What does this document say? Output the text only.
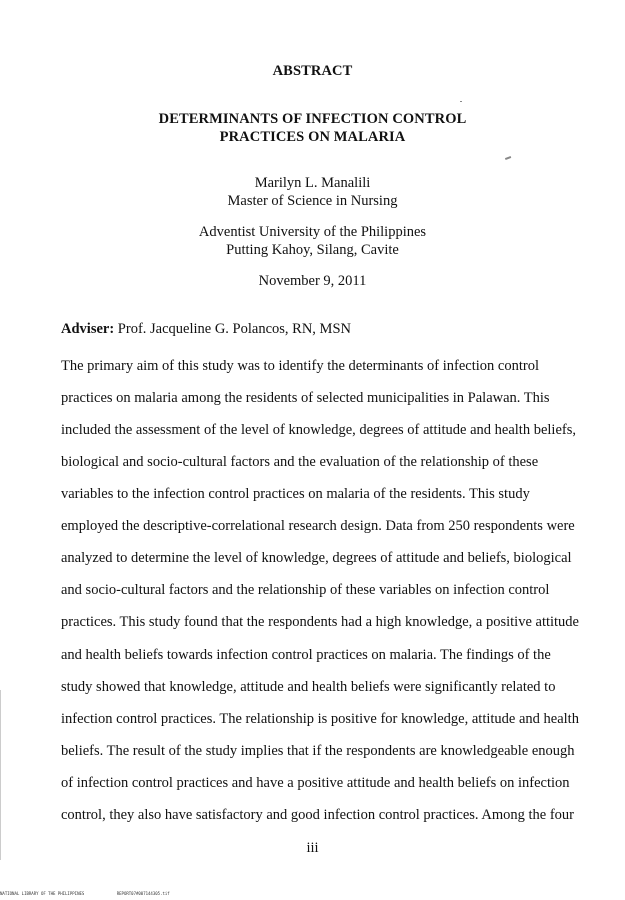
ABSTRACT
DETERMINANTS OF INFECTION CONTROL
PRACTICES ON MALARIA
Marilyn L. Manalili
Master of Science in Nursing
Adventist University of the Philippines
Putting Kahoy, Silang, Cavite
November 9, 2011
Adviser: Prof. Jacqueline G. Polancos, RN, MSN
The primary aim of this study was to identify the determinants of infection control
practices on malaria among the residents of selected municipalities in Palawan. This
included the assessment of the level of knowledge, degrees of attitude and health beliefs,
biological and socio-cultural factors and the evaluation of the relationship of these
variables to the infection control practices on malaria of the residents. This study
employed the descriptive-correlational research design. Data from 250 respondents were
analyzed to determine the level of knowledge, degrees of attitude and beliefs, biological
and socio-cultural factors and the relationship of these variables on infection control
practices. This study found that the respondents had a high knowledge, a positive attitude
and health beliefs towards infection control practices on malaria. The findings of the
study showed that knowledge, attitude and health beliefs were significantly related to
infection control practices. The relationship is positive for knowledge, attitude and health
beliefs. The result of the study implies that if the respondents are knowledgeable enough
of infection control practices and have a positive attitude and health beliefs on infection
control, they also have satisfactory and good infection control practices. Among the four
iii
NATIONAL LIBRARY OF THE PHILIPPINES	REPORT07#007144305.tif
